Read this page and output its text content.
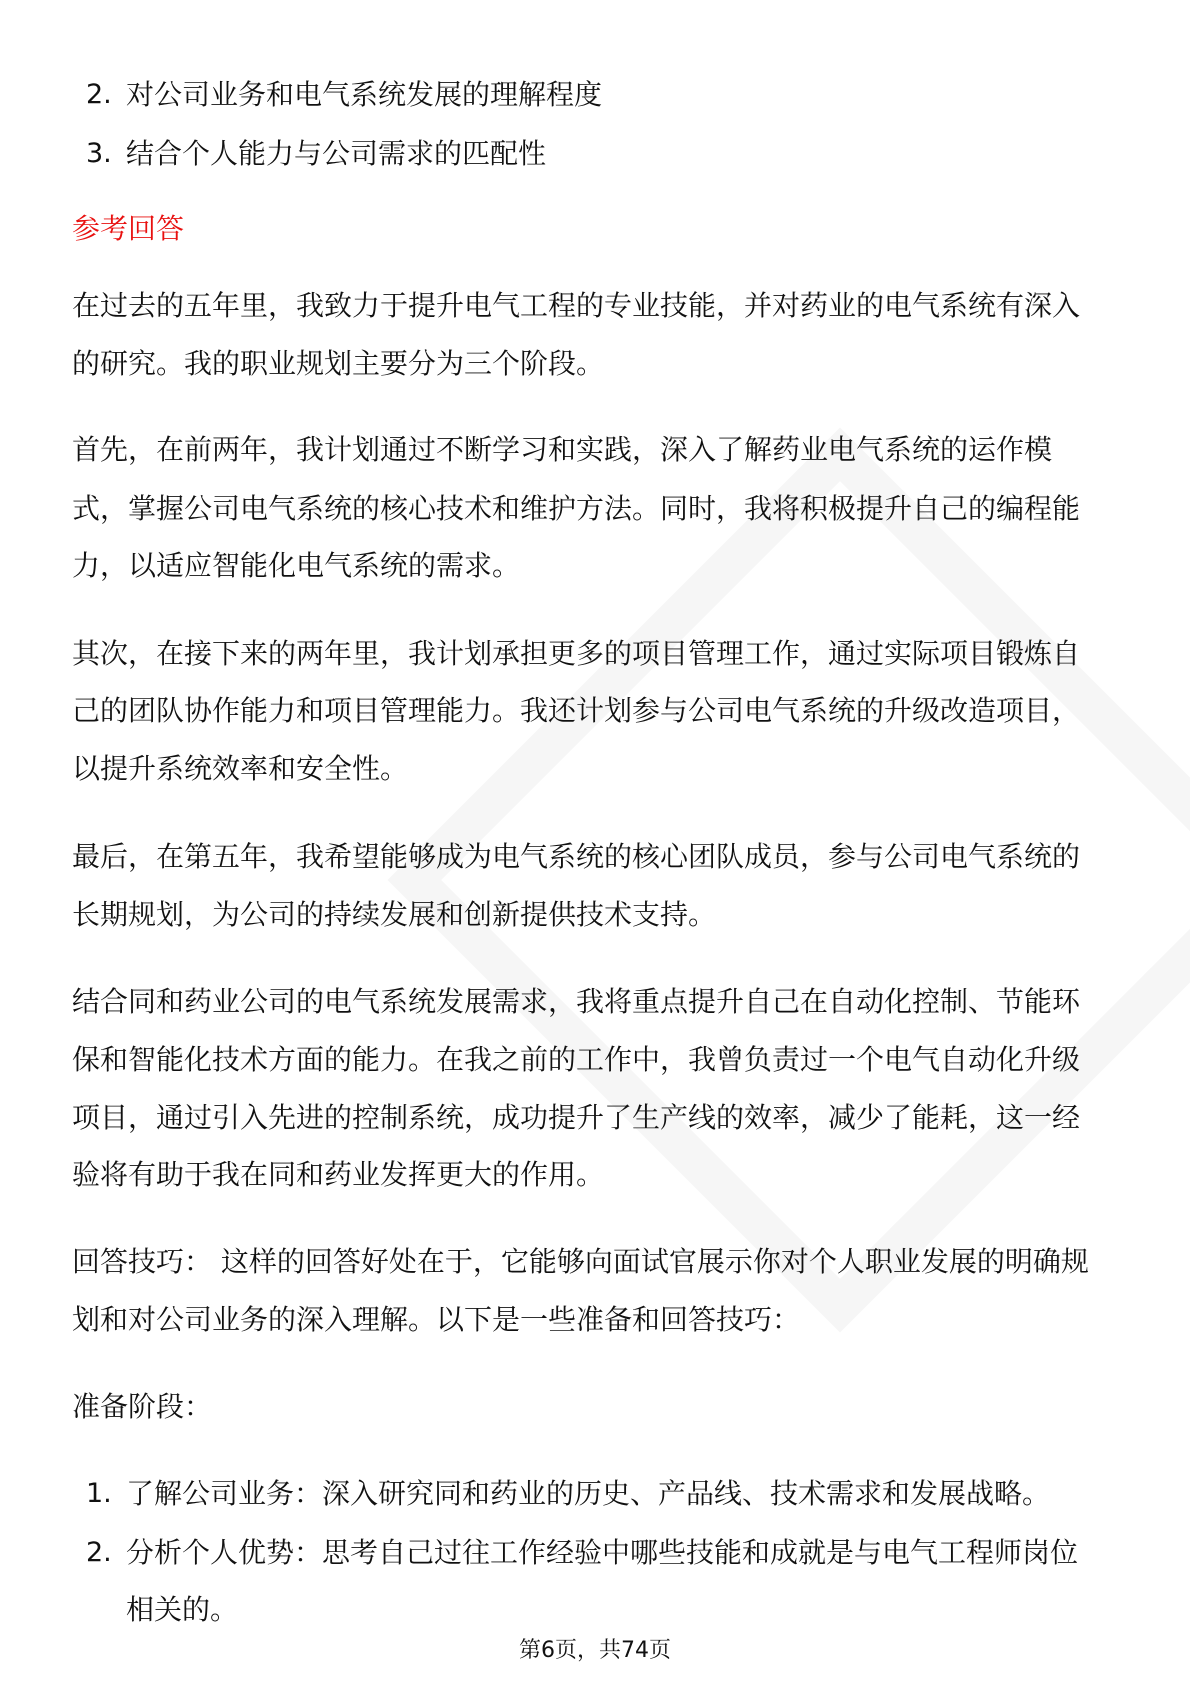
2. 对公司业务和电气系统发展的理解程度
3. 结合个人能力与公司需求的匹配性
参考回答
在过去的五年里，我致力于提升电气工程的专业技能，并对药业的电气系统有深入
的研究。我的职业规划主要分为三个阶段。
首先，在前两年，我计划通过不断学习和实践，深入了解药业电气系统的运作模
式，掌握公司电气系统的核心技术和维护方法。同时，我将积极提升自己的编程能
力，以适应智能化电气系统的需求。
其次，在接下来的两年里，我计划承担更多的项目管理工作，通过实际项目锻炼自
己的团队协作能力和项目管理能力。我还计划参与公司电气系统的升级改造项目，
以提升系统效率和安全性。
最后，在第五年，我希望能够成为电气系统的核心团队成员，参与公司电气系统的
长期规划，为公司的持续发展和创新提供技术支持。
结合同和药业公司的电气系统发展需求，我将重点提升自己在自动化控制、节能环
保和智能化技术方面的能力。在我之前的工作中，我曾负责过一个电气自动化升级
项目，通过引入先进的控制系统，成功提升了生产线的效率，减少了能耗，这一经
验将有助于我在同和药业发挥更大的作用。
回答技巧： 这样的回答好处在于，它能够向面试官展示你对个人职业发展的明确规
划和对公司业务的深入理解。以下是一些准备和回答技巧：
准备阶段：
1. 了解公司业务：深入研究同和药业的历史、产品线、技术需求和发展战略。
2. 分析个人优势：思考自己过往工作经验中哪些技能和成就是与电气工程师岗位
相关的。
第6页，共74页
